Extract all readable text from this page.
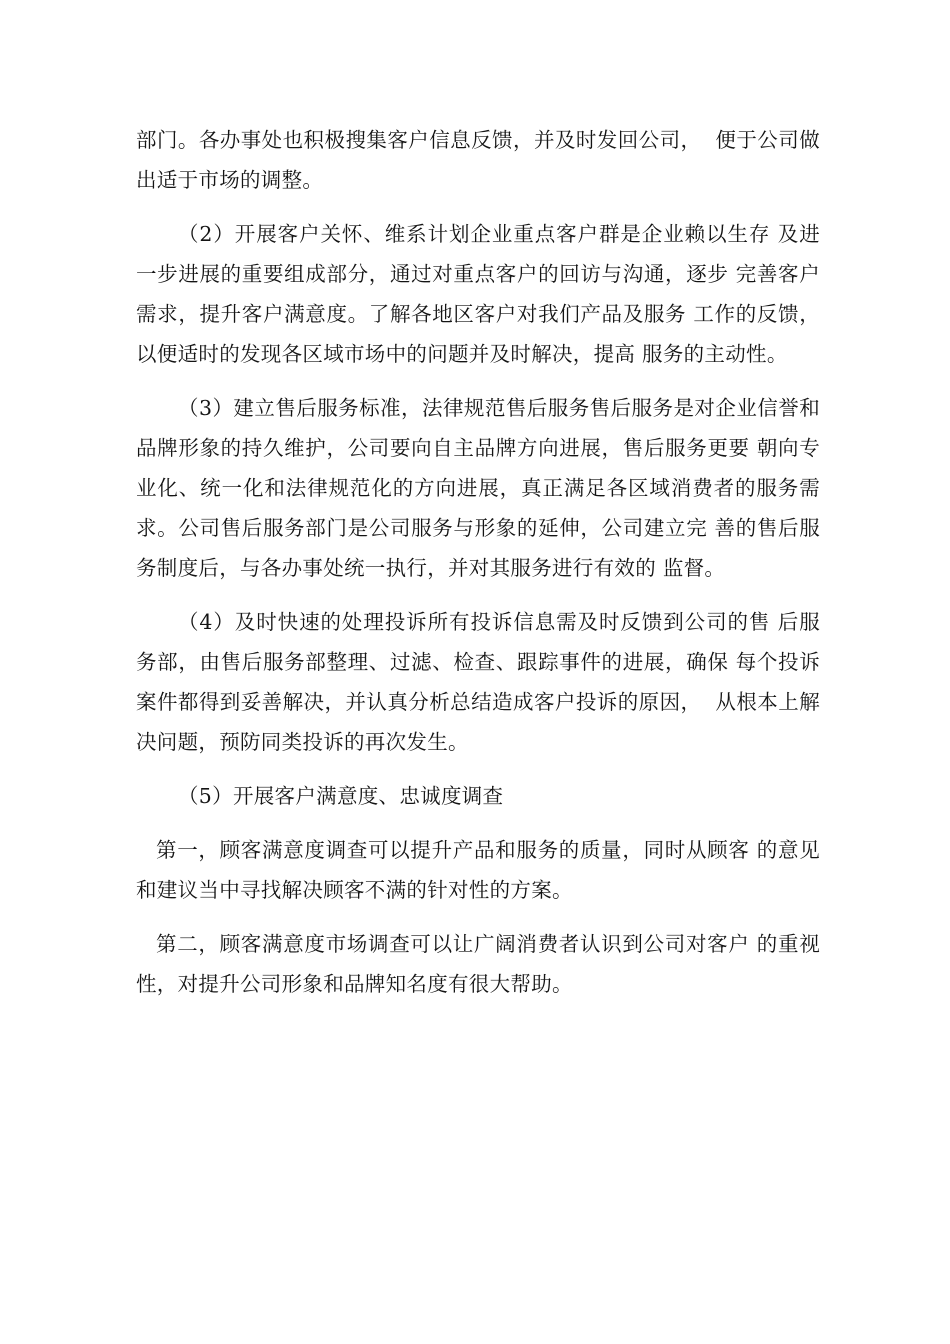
部门。各办事处也积极搜集客户信息反馈，并及时发回公司，  便于公司做出适于市场的调整。

（2）开展客户关怀、维系计划企业重点客户群是企业赖以生存 及进一步进展的重要组成部分，通过对重点客户的回访与沟通，逐步 完善客户需求，提升客户满意度。了解各地区客户对我们产品及服务 工作的反馈，以便适时的发现各区域市场中的问题并及时解决，提高 服务的主动性。

（3）建立售后服务标准，法律规范售后服务售后服务是对企业信誉和品牌形象的持久维护，公司要向自主品牌方向进展，售后服务更要 朝向专业化、统一化和法律规范化的方向进展，真正满足各区域消费者的服务需求。公司售后服务部门是公司服务与形象的延伸，公司建立完 善的售后服务制度后，与各办事处统一执行，并对其服务进行有效的 监督。

（4）及时快速的处理投诉所有投诉信息需及时反馈到公司的售 后服务部，由售后服务部整理、过滤、检查、跟踪事件的进展，确保 每个投诉案件都得到妥善解决，并认真分析总结造成客户投诉的原因，  从根本上解决问题，预防同类投诉的再次发生。

（5）开展客户满意度、忠诚度调查

第一，顾客满意度调查可以提升产品和服务的质量，同时从顾客 的意见和建议当中寻找解决顾客不满的针对性的方案。

第二，顾客满意度市场调查可以让广阔消费者认识到公司对客户 的重视性，对提升公司形象和品牌知名度有很大帮助。
